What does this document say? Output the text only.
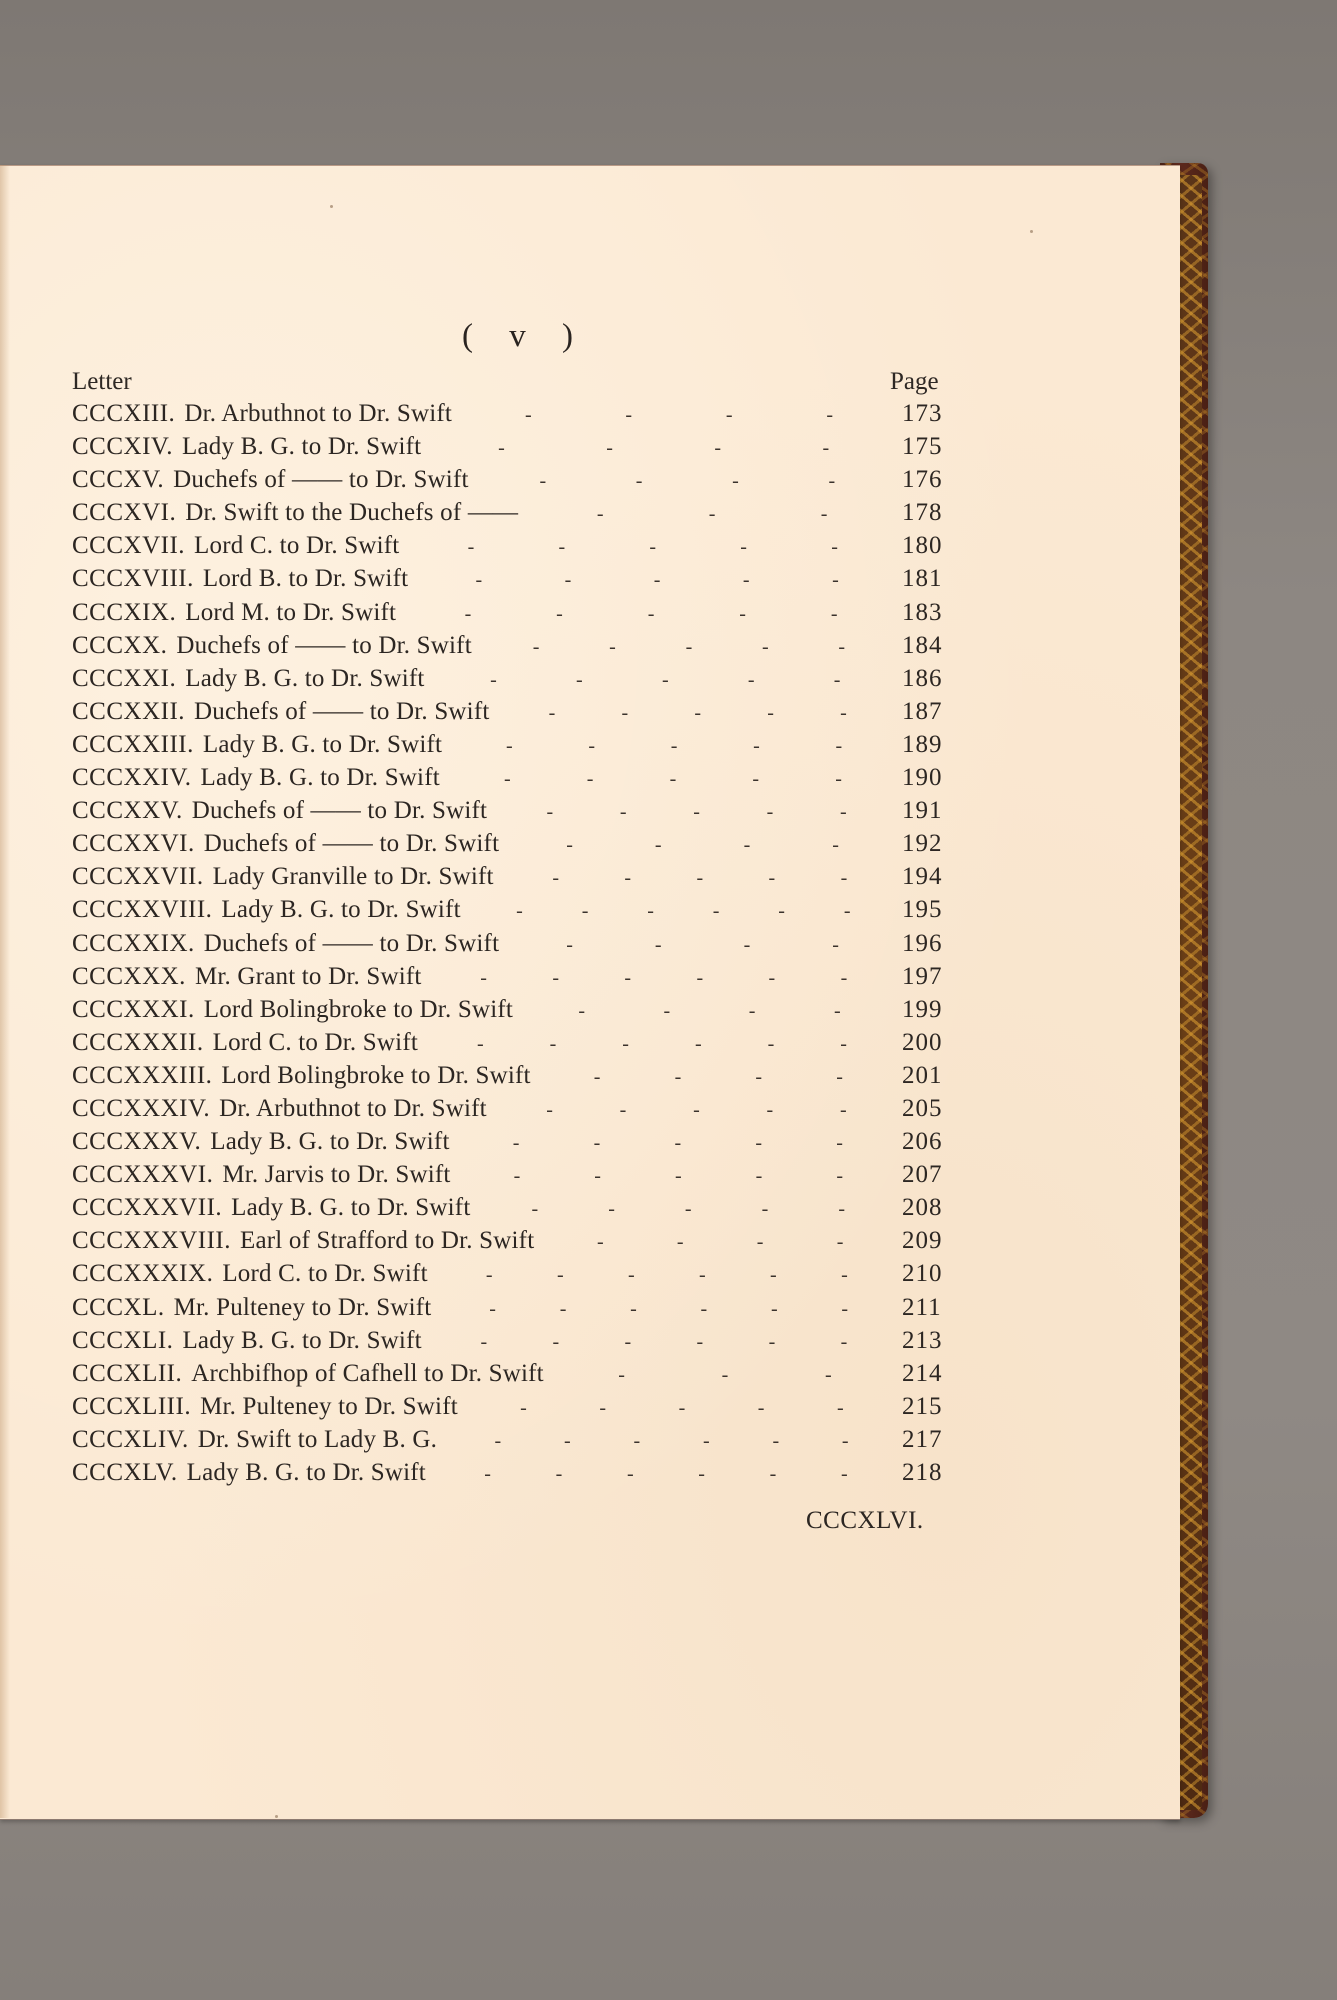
( v )
Letter	Page
CCCXIII. Dr. Arbuthnot to Dr. Swift	-	-	-	-	173
CCCXIV. Lady B. G. to Dr. Swift	-	-	-	-	175
CCCXV. Duchefs of —— to Dr. Swift	-	-	-	-	176
CCCXVI. Dr. Swift to the Duchefs of ——	-	-	-	178
CCCXVII. Lord C. to Dr. Swift	-	-	-	-	-	180
CCCXVIII. Lord B. to Dr. Swift	-	-	-	-	-	181
CCCXIX. Lord M. to Dr. Swift	-	-	-	-	-	183
CCCXX. Duchefs of —— to Dr. Swift	-	-	-	-	- 184
CCCXXI. Lady B. G. to Dr. Swift	-	-	-	-	- 186
CCCXXII. Duchefs of —— to Dr. Swift	-	-	-	-	- 187
CCCXXIII. Lady B. G. to Dr. Swift	-	-	-	-	- 189
CCCXXIV. Lady B. G. to Dr. Swift	-	-	-	-	- 190
CCCXXV. Duchefs of —— to Dr. Swift	-	-	-	-	- 191
CCCXXVI. Duchefs of —— to Dr. Swift	-	-	-	-	192
CCCXXVII. Lady Granville to Dr. Swift	-	-	-	-	- 194
CCCXXVIII. Lady B. G. to Dr. Swift	-	-	-	-	-	- 195
CCCXXIX. Duchefs of —— to Dr. Swift	-	-	-	-	196
CCCXXX. Mr. Grant to Dr. Swift	-	-	-	-	-	- 197
CCCXXXI. Lord Bolingbroke to Dr. Swift	-	-	-	- 199
CCCXXXII. Lord C. to Dr. Swift	-	-	-	-	-	- 200
CCCXXXIII. Lord Bolingbroke to Dr. Swift	-	-	-	- 201
CCCXXXIV. Dr. Arbuthnot to Dr. Swift	-	-	-	-	- 205
CCCXXXV. Lady B. G. to Dr. Swift	-	-	-	-	- 206
CCCXXXVI. Mr. Jarvis to Dr. Swift	-	-	-	-	- 207
CCCXXXVII. Lady B. G. to Dr. Swift	-	-	-	-	- 208
CCCXXXVIII. Earl of Strafford to Dr. Swift	-	-	-	- 209
CCCXXXIX. Lord C. to Dr. Swift	-	-	-	-	-	- 210
CCCXL. Mr. Pulteney to Dr. Swift	-	-	-	-	-	- 211
CCCXLI. Lady B. G. to Dr. Swift	-	-	-	-	-	- 213
CCCXLII. Archbifhop of Cafhell to Dr. Swift	-	-	-	214
CCCXLIII. Mr. Pulteney to Dr. Swift	-	-	-	-	- 215
CCCXLIV. Dr. Swift to Lady B. G.	-	-	-	-	-	- 217
CCCXLV. Lady B. G. to Dr. Swift	-	-	-	-	-	- 218
CCCXLVI.
